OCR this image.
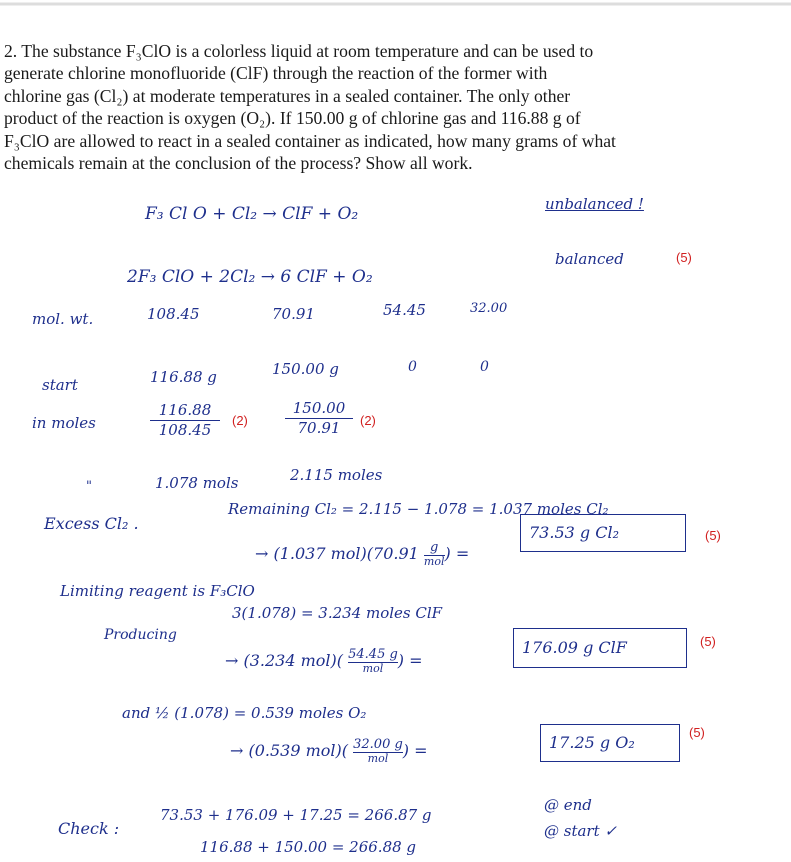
2. The substance F₃ClO is a colorless liquid at room temperature and can be used to
generate chlorine monofluoride (ClF) through the reaction of the former with
chlorine gas (Cl₂) at moderate temperatures in a sealed container. The only other
product of the reaction is oxygen (O₂). If 150.00 g of chlorine gas and 116.88 g of
F₃ClO are allowed to react in a sealed container as indicated, how many grams of what
chemicals remain at the conclusion of the process? Show all work.
F₃ Cl O + Cl₂ → ClF + O₂	unbalanced !
2F₃ ClO + 2Cl₂ → 6 ClF + O₂
balanced	(5)
mol. wt.	108.45	70.91	54.45	32.00
start	116.88 g	150.00 g	0	0
in moles
116.88
108.45
(2)
150.00
70.91	(2)
"	1.078 mols	2.115 moles
Excess Cl₂ .
Remaining Cl₂ = 2.115 − 1.078 = 1.037 moles Cl₂
→ (1.037 mol)(70.91 g
mol ) =
73.53 g Cl₂	(5)
Limiting reagent is F₃ClO
Producing
3(1.078) = 3.234 moles ClF
→ (3.234 mol)( 54.45 g
mol ) =
176.09 g ClF	(5)
and ½ (1.078) = 0.539 moles O₂
→ (0.539 mol)( 32.00 g
mol ) =	17.25 g O₂
(5)
Check :
73.53 + 176.09 + 17.25 = 266.87 g
@ end
116.88 + 150.00 = 266.88 g
@ start ✓
